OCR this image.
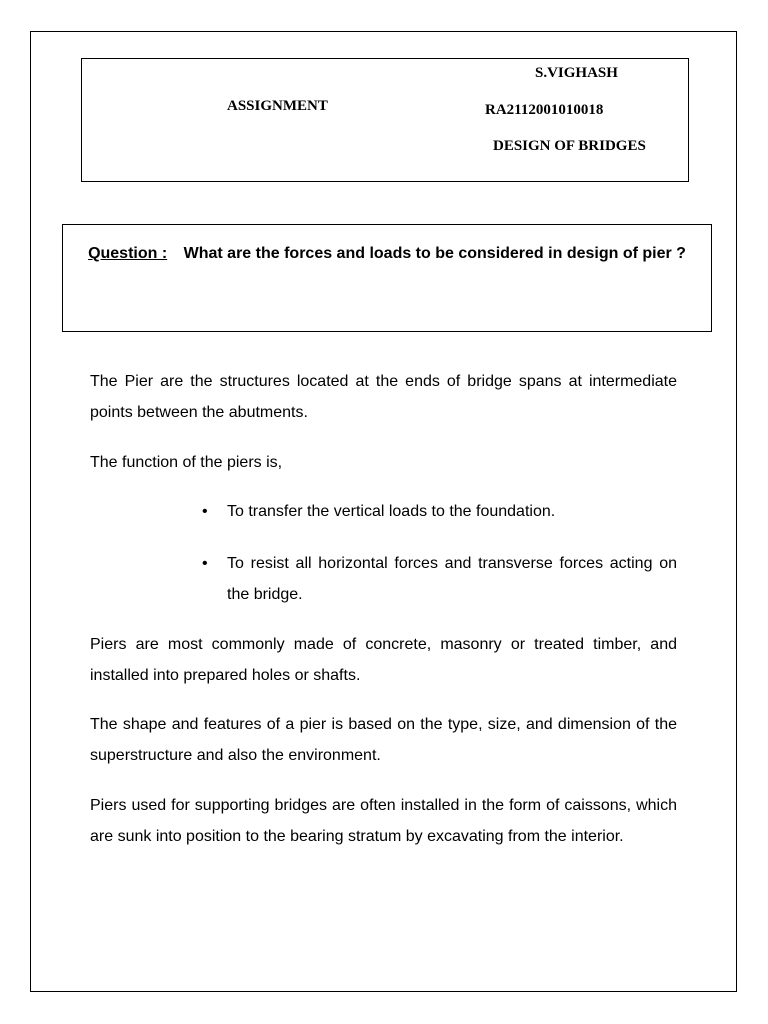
ASSIGNMENT
S.VIGHASH
RA2112001010018
DESIGN OF BRIDGES
Question : What are the forces and loads to be considered in design of pier ?

The Pier are the structures located at the ends of bridge spans at intermediate points between the abutments.

The function of the piers is,

•	To transfer the vertical loads to the foundation.
•	To resist all horizontal forces and transverse forces acting on the bridge.

Piers are most commonly made of concrete, masonry or treated timber, and installed into prepared holes or shafts.

The shape and features of a pier is based on the type, size, and dimension of the superstructure and also the environment.

Piers used for supporting bridges are often installed in the form of caissons, which are sunk into position to the bearing stratum by excavating from the interior.
